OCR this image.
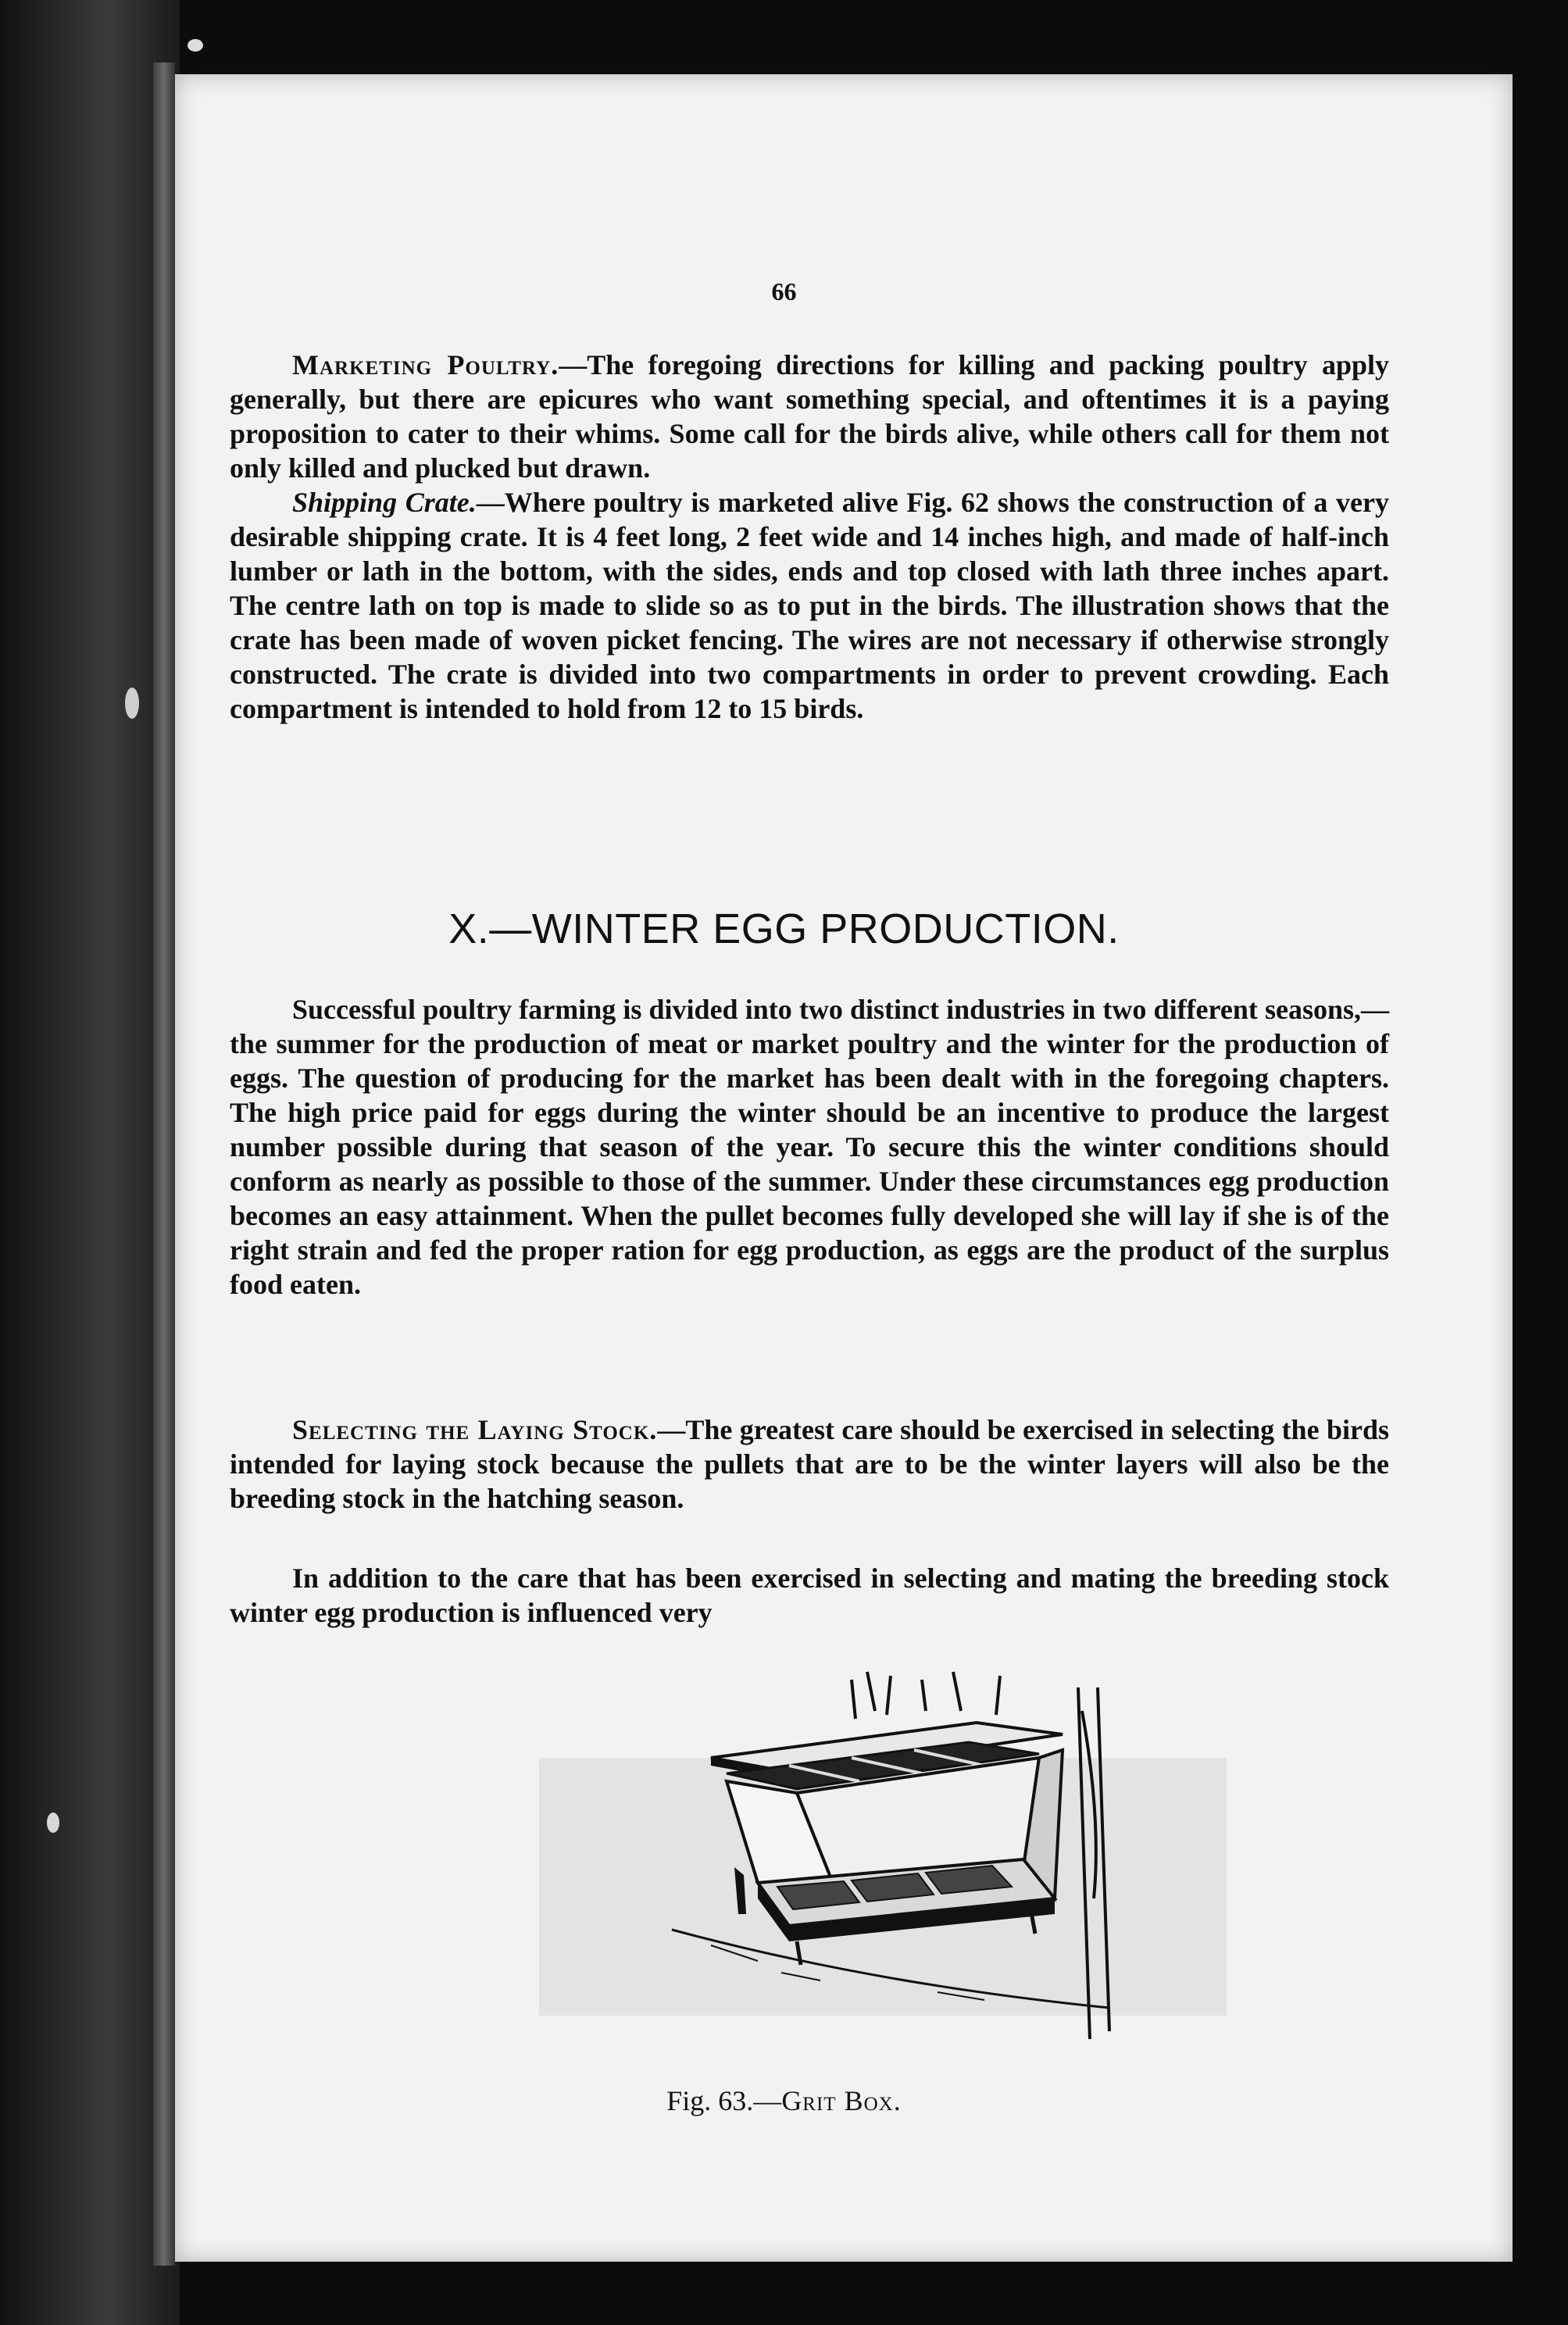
66

Marketing Poultry.—The foregoing directions for killing and packing poultry apply generally, but there are epicures who want something special, and oftentimes it is a paying proposition to cater to their whims. Some call for the birds alive, while others call for them not only killed and plucked but drawn.

Shipping Crate.—Where poultry is marketed alive Fig. 62 shows the construction of a very desirable shipping crate. It is 4 feet long, 2 feet wide and 14 inches high, and made of half-inch lumber or lath in the bottom, with the sides, ends and top closed with lath three inches apart. The centre lath on top is made to slide so as to put in the birds. The illustration shows that the crate has been made of woven picket fencing. The wires are not necessary if otherwise strongly constructed. The crate is divided into two compartments in order to prevent crowding. Each compartment is intended to hold from 12 to 15 birds.

X.—WINTER EGG PRODUCTION.

Successful poultry farming is divided into two distinct industries in two different seasons,—the summer for the production of meat or market poultry and the winter for the production of eggs. The question of producing for the market has been dealt with in the foregoing chapters. The high price paid for eggs during the winter should be an incentive to produce the largest number possible during that season of the year. To secure this the winter conditions should conform as nearly as possible to those of the summer. Under these circumstances egg production becomes an easy attainment. When the pullet becomes fully developed she will lay if she is of the right strain and fed the proper ration for egg production, as eggs are the product of the surplus food eaten.

Selecting the Laying Stock.—The greatest care should be exercised in selecting the birds intended for laying stock because the pullets that are to be the winter layers will also be the breeding stock in the hatching season.

In addition to the care that has been exercised in selecting and mating the breeding stock winter egg production is influenced very

Fig. 63.—Grit Box.
